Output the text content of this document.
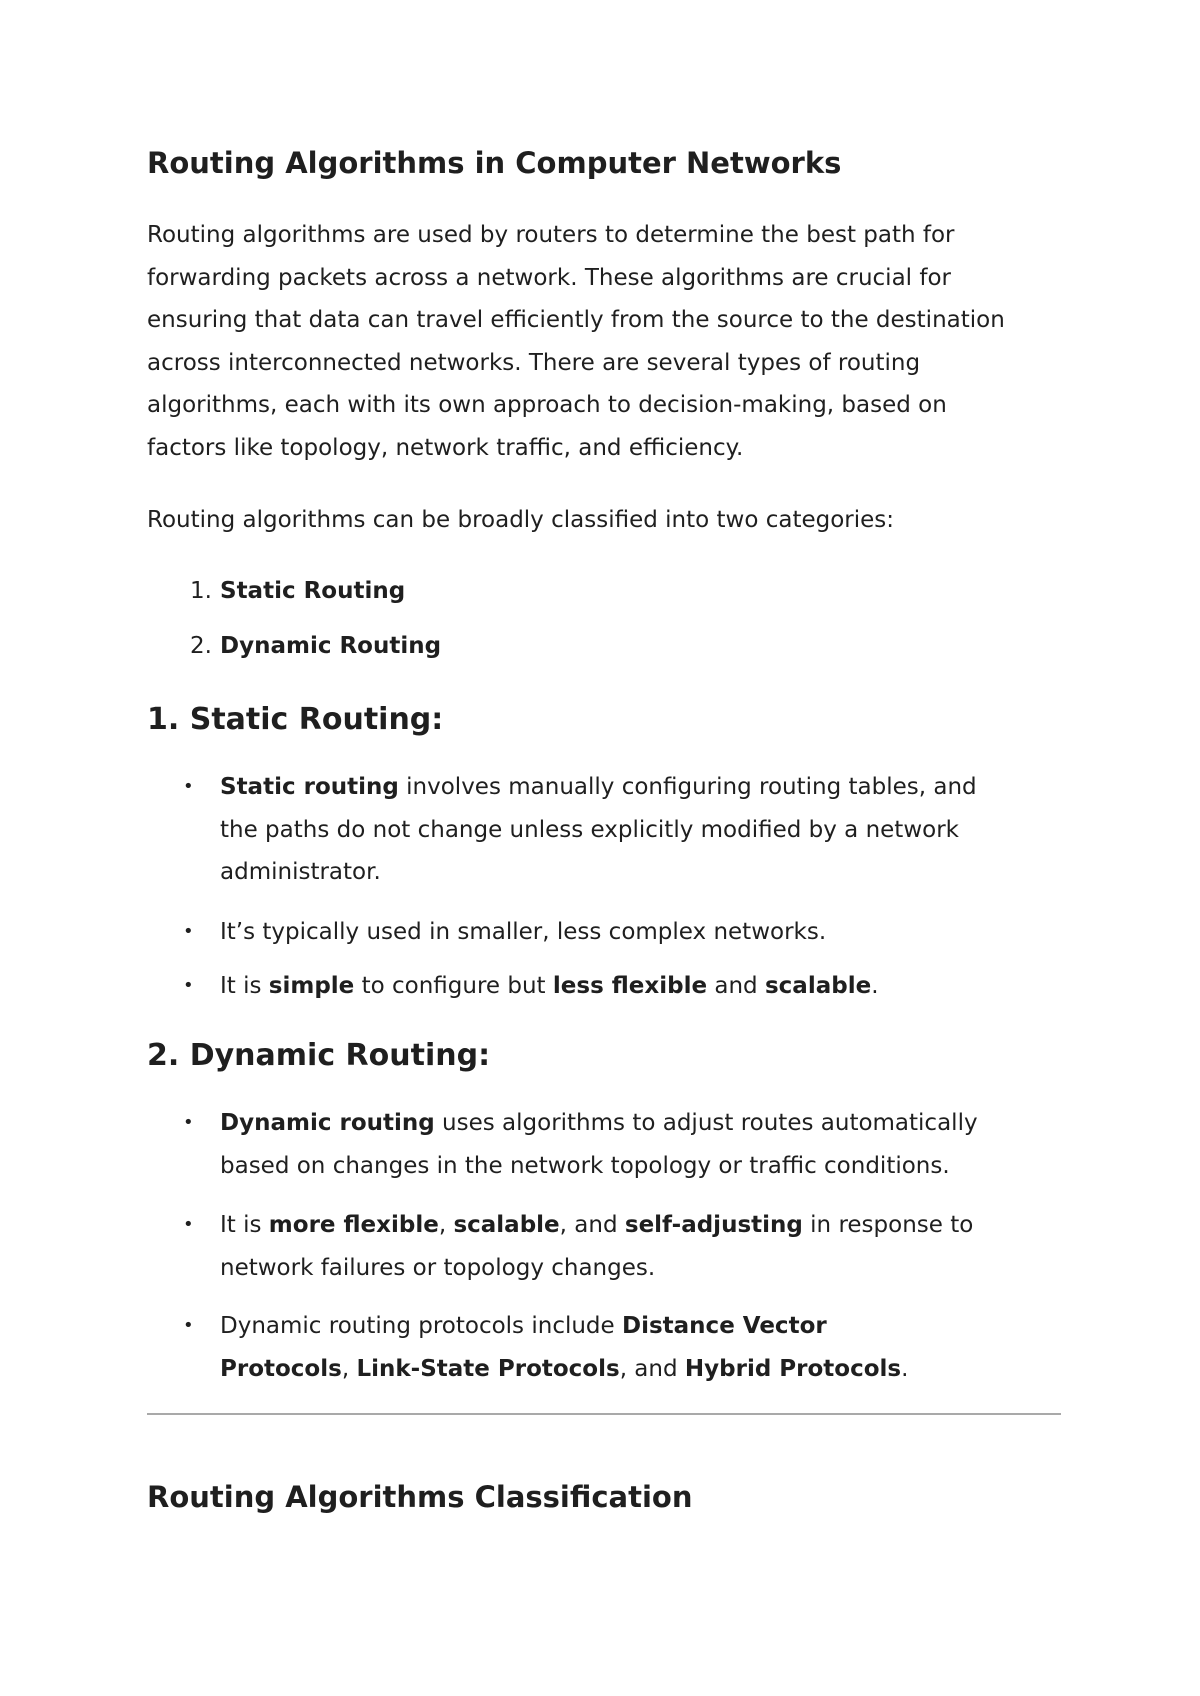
Routing Algorithms in Computer Networks

Routing algorithms are used by routers to determine the best path for
forwarding packets across a network. These algorithms are crucial for
ensuring that data can travel efficiently from the source to the destination
across interconnected networks. There are several types of routing
algorithms, each with its own approach to decision-making, based on
factors like topology, network traffic, and efficiency.

Routing algorithms can be broadly classified into two categories:

1. Static Routing
2. Dynamic Routing
1. Static Routing:
• Static routing involves manually configuring routing tables, and
the paths do not change unless explicitly modified by a network
administrator.
• It’s typically used in smaller, less complex networks.
• It is simple to configure but less flexible and scalable.
2. Dynamic Routing:
• Dynamic routing uses algorithms to adjust routes automatically
based on changes in the network topology or traffic conditions.
• It is more flexible, scalable, and self-adjusting in response to
network failures or topology changes.
• Dynamic routing protocols include Distance Vector
Protocols, Link-State Protocols, and Hybrid Protocols.
Routing Algorithms Classification
